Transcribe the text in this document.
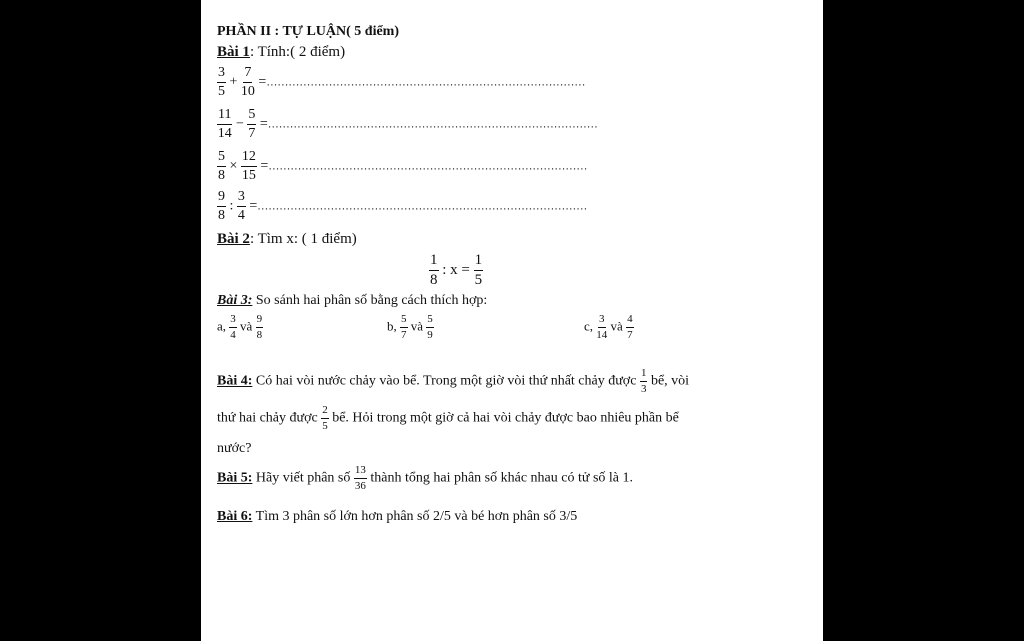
PHẦN II : TỰ LUẬN( 5 điểm)
Bài 1: Tính:( 2 điểm)
$\frac{3}{5} + \frac{7}{10}$ =……………………………………………………………………………
$\frac{11}{14} - \frac{5}{7}$ =………………………………………………………………………………
$\frac{5}{8} \times \frac{12}{15}$ =……………………………………………………………………………
$\frac{9}{8}$ : $\frac{3}{4}$ =………………………………………………………………………………
Bài 2: Tìm x: ( 1 điểm)
$\frac{1}{8}$ : $x = \frac{1}{5}$
Bài 3: So sánh hai phân số bằng cách thích hợp:
a, $\frac{3}{4}$ và $\frac{9}{8}$	b, $\frac{5}{7}$ và $\frac{5}{9}$	c, $\frac{3}{14}$ và $\frac{4}{7}$
Bài 4: Có hai vòi nước chảy vào bể. Trong một giờ vòi thứ nhất chảy được $\frac{1}{3}$ bể, vòi
thứ hai chảy được $\frac{2}{5}$ bể. Hỏi trong một giờ cả hai vòi chảy được bao nhiêu phần bể
nước?
Bài 5: Hãy viết phân số $\frac{13}{36}$ thành tổng hai phân số khác nhau có tử số là 1.
Bài 6: Tìm 3 phân số lớn hơn phân số 2/5 và bé hơn phân số 3/5
